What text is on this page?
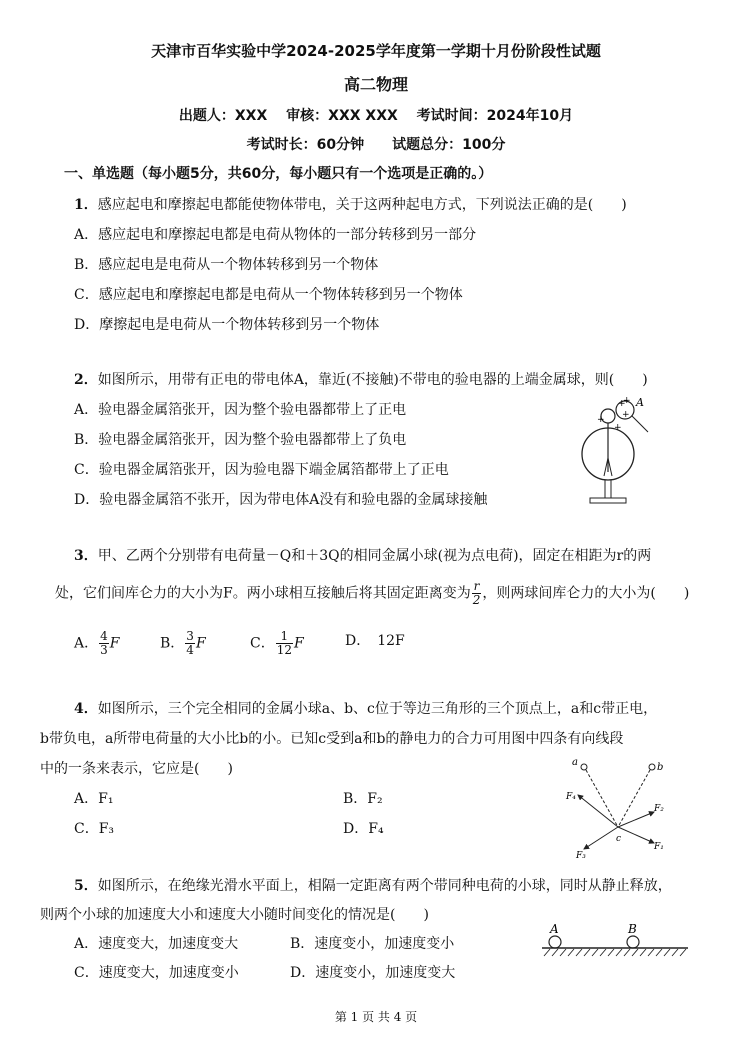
天津市百华实验中学2024-2025学年度第一学期十月份阶段性试题
高二物理
出题人：XXX　 审核：XXX XXX　 考试时间：2024年10月
考试时长：60分钟　　试题总分：100分
一、单选题（每小题5分，共60分，每小题只有一个选项是正确的。）
1．感应起电和摩擦起电都能使物体带电，关于这两种起电方式，下列说法正确的是(　　)
A．感应起电和摩擦起电都是电荷从物体的一部分转移到另一部分
B．感应起电是电荷从一个物体转移到另一个物体
C．感应起电和摩擦起电都是电荷从一个物体转移到另一个物体
D．摩擦起电是电荷从一个物体转移到另一个物体
2．如图所示，用带有正电的带电体A，靠近(不接触)不带电的验电器的上端金属球，则(　　)
A．验电器金属箔张开，因为整个验电器都带上了正电
B．验电器金属箔张开，因为整个验电器都带上了负电
C．验电器金属箔张开，因为验电器下端金属箔都带上了正电
D．验电器金属箔不张开，因为带电体A没有和验电器的金属球接触
A
+
+
+
+
+
3．甲、乙两个分别带有电荷量－Q和＋3Q的相同金属小球(视为点电荷)，固定在相距为r的两
处，它们间库仑力的大小为F。两小球相互接触后将其固定距离变为 $\frac{r}{2}$ ，则两球间库仑力的大小为(　　)
A． $\frac{4}{3}$ F	B． $\frac{3}{4}$ F	C． $\frac{1}{12}$ F	D．　12F
4．如图所示，三个完全相同的金属小球a、b、c位于等边三角形的三个顶点上，a和c带正电，
b带负电，a所带电荷量的大小比b的小。已知c受到a和b的静电力的合力可用图中四条有向线段
中的一条来表示，它应是(　　)
A．F₁	B．F₂
C．F₃	D．F₄
a	b
F₄
F₂
F₁
F₃
c
5．如图所示，在绝缘光滑水平面上，相隔一定距离有两个带同种电荷的小球，同时从静止释放，
则两个小球的加速度大小和速度大小随时间变化的情况是(　　)
A．速度变大，加速度变大	B．速度变小，加速度变小
C．速度变大，加速度变小	D．速度变小，加速度变大
A	B
第 1 页 共 4 页
